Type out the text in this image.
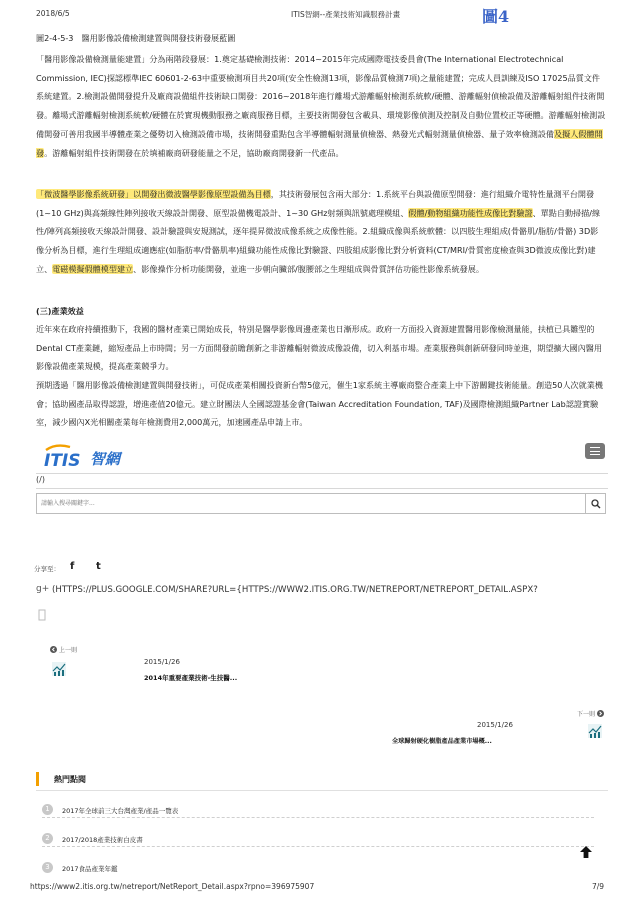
2018/6/5	ITIS智網--產業技術知識服務計畫	圖4
圖2-4-5-3　醫用影像設備檢測建置與開發技術發展藍圖
「醫用影像設備檢測量能建置」分為兩階段發展：1.奠定基礎檢測技術：2014~2015年完成國際電技委員會(The International Electrotechnical Commission, IEC)探認標準IEC 60601-2-63中重要檢測項目共20項(安全性檢測13項，影像品質檢測7項)之量能建置；完成人員訓練及ISO 17025品質文件系統建置。2.檢測設備開發提升及廠商設備組件技術缺口開發：2016~2018年進行離場式游離輻射檢測系統軟/硬體、游離輻射偵檢設備及游離輻射組件技術開發。離場式游離輻射檢測系統軟/硬體在於實現機動服務之廠商服務目標，主要技術開發包含載具、環境影像偵測及控制及自動位置校正等硬體。游離輻射檢測設備開發可善用我國半導體產業之優勢切入檢測設備市場，技術開發重點包含半導體輻射測量偵檢器、熱發光式輻射測量偵檢器、量子效率檢測設備及擬人假體開發。游離輻射組件技術開發在於填補廠商研發能量之不足，協助廠商開發新一代產品。
「微波醫學影像系統研發」以開發出微波醫學影像原型設備為目標，其技術發展包含兩大部分：1.系統平台與設備原型開發：進行組織介電特性量測平台開發(1~10 GHz)與高頻線性陣列接收天線設計開發、原型設備機電設計、1~30 GHz射頻與訊號處理模組、假體/動物組織功能性成像比對驗證、單點自動掃描/線性/陣列高頻接收天線設計開發、設計驗證與安規測試，逐年提昇微波成像系統之成像性能。2.組織成像與系統軟體：以四肢生理組成(骨骼肌/脂肪/骨骼) 3D影像分析為目標，進行生理組成適應症(如脂肪率/骨骼肌率)組織功能性成像比對驗證、四肢組成影像比對分析資料(CT/MRI/骨質密度檢查與3D微波成像比對)建立、電磁模擬假體模型建立、影像操作分析功能開發，並進一步朝向臟部/腹腰部之生理組成與骨質評估功能性影像系統發展。
(三)產業效益
近年來在政府持續推動下，我國的醫材產業已開始成長，特別是醫學影像周邊產業也日漸形成。政府一方面投入資源建置醫用影像檢測量能，扶植已具雛型的Dental CT產業鏈，縮短產品上市時間；另一方面開發前瞻創新之非游離輻射微波成像設備，切入利基市場。產業服務與創新研發同時並進，期望擴大國內醫用影像設備產業規模，提高產業競爭力。
預期透過「醫用影像設備檢測建置與開發技術」，可促成產業相關投資新台幣5億元，催生1家系統主導廠商整合產業上中下游關鍵技術能量。創造50人次就業機會；協助國產品取得認證，增進產值20億元。建立財團法人全國認證基金會(Taiwan Accreditation Foundation, TAF)及國際檢測組織Partner Lab認證實驗室，減少國內X光相關產業每年檢測費用2,000萬元，加速國產品申請上市。
ITIS 智網
(/)
請輸入搜尋關鍵字...
分享至： f t
g+ (HTTPS://PLUS.GOOGLE.COM/SHARE?URL={HTTPS://WWW2.ITIS.ORG.TW/NETREPORT/NETREPORT_DETAIL.ASPX?
上一則
2015/1/26
2014年重要產業技術-生技醫...
下一則
2015/1/26
全球歸射硬化樹脂產品產業市場概...
熱門點閱
1	2017年全球前三大台灣產業/產品一覽表
2	2017/2018產業技術白皮書
3	2017食品產業年鑑
https://www2.itis.org.tw/netreport/NetReport_Detail.aspx?rpno=396975907	7/9
